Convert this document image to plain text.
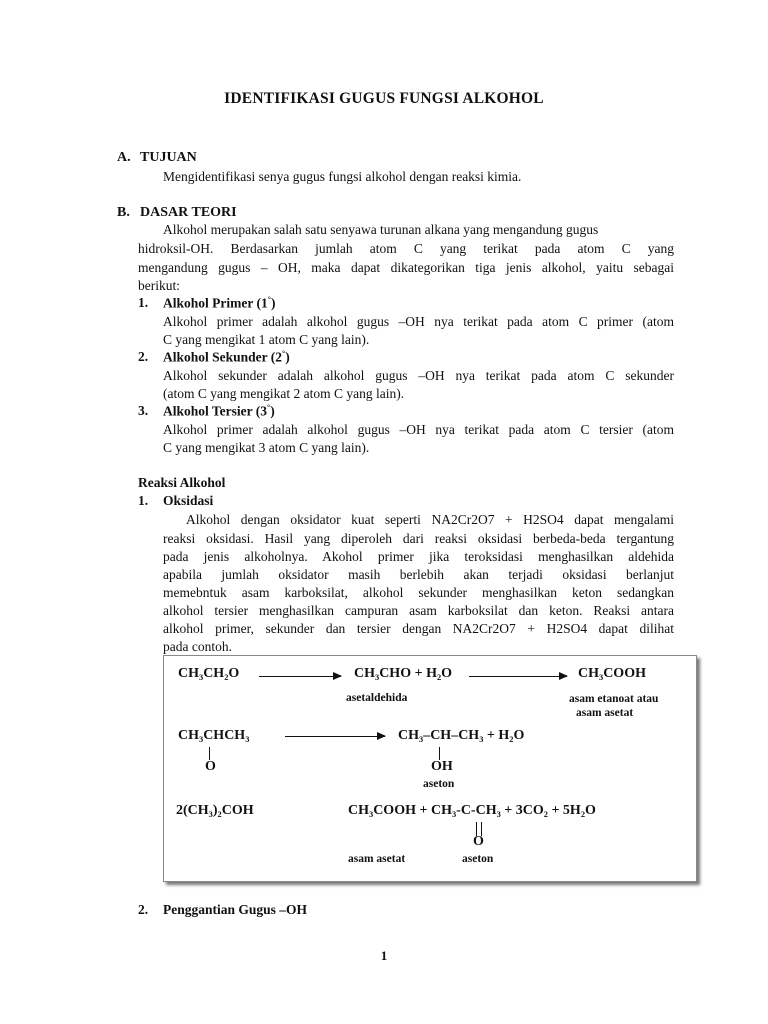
IDENTIFIKASI GUGUS FUNGSI ALKOHOL
A. TUJUAN
Mengidentifikasi senya gugus fungsi alkohol dengan reaksi kimia.
B. DASAR TEORI
Alkohol merupakan salah satu senyawa turunan alkana yang mengandung gugus
hidroksil-OH. Berdasarkan jumlah atom C yang terikat pada atom C yang
mengandung gugus – OH, maka dapat dikategorikan tiga jenis alkohol, yaitu sebagai
berikut:
1. Alkohol Primer (1°)
Alkohol primer adalah alkohol gugus –OH nya terikat pada atom C primer (atom
C yang mengikat 1 atom C yang lain).
2. Alkohol Sekunder (2°)
Alkohol sekunder adalah alkohol gugus –OH nya terikat pada atom C sekunder
(atom C yang mengikat 2 atom C yang lain).
3. Alkohol Tersier (3°)
Alkohol primer adalah alkohol gugus –OH nya terikat pada atom C tersier (atom
C yang mengikat 3 atom C yang lain).
Reaksi Alkohol
1. Oksidasi
Alkohol dengan oksidator kuat seperti NA2Cr2O7 + H2SO4 dapat mengalami
reaksi oksidasi. Hasil yang diperoleh dari reaksi oksidasi berbeda-beda tergantung
pada jenis alkoholnya. Akohol primer jika teroksidasi menghasilkan aldehida
apabila jumlah oksidator masih berlebih akan terjadi oksidasi berlanjut
memebntuk asam karboksilat, alkohol sekunder menghasilkan keton sedangkan
alkohol tersier menghasilkan campuran asam karboksilat dan keton. Reaksi antara
alkohol primer, sekunder dan tersier dengan NA2Cr2O7 + H2SO4 dapat dilihat
pada contoh.
CH₃CH₂O	CH₃CHO + H₂O
asetaldehida
CH₃COOH
asam etanoat atau
asam asetat
CH₃CHCH₃
O
CH₃–CH–CH₃ + H₂O
OH
aseton
2(CH₃)₂COH	CH₃COOH + CH₃-C-CH₃ + 3CO₂ + 5H₂O
O
asam asetat	aseton
2. Penggantian Gugus –OH
1
